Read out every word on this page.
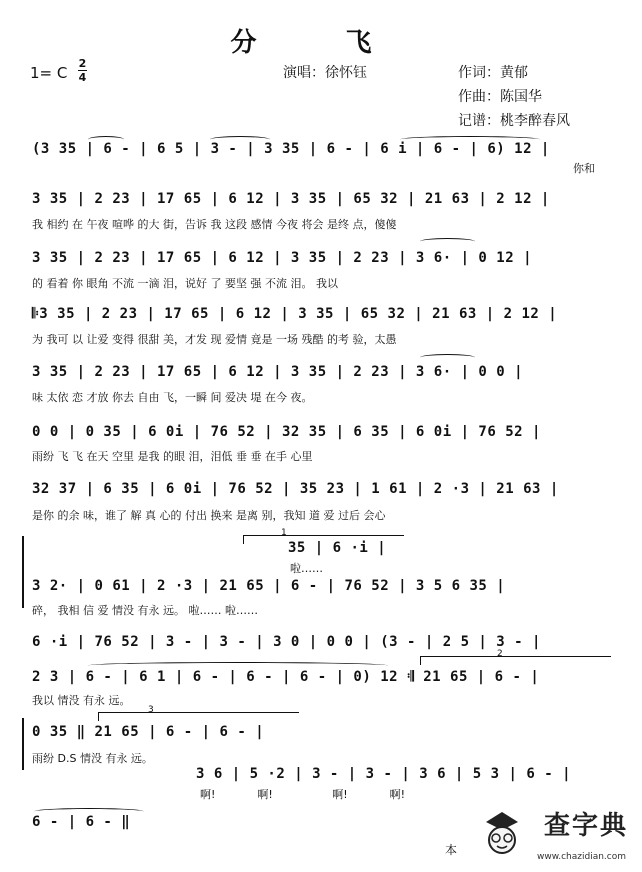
分 飞
1= C
2
4	演唱：徐怀钰	作词：黄郁
作曲：陈国华
记谱：桃李醉春风
(3 35 | 6 - | 6 5 | 3 - | 3 35 | 6 - | 6 i | 6 - | 6) 12 |
你和
3 35 | 2 23 | 17 65 | 6 12 | 3 35 | 65 32 | 21 63 | 2 12 |
我 相约 在 午夜 喧哗 的大 街，告诉 我 这段 感情 今夜 将会 是终 点，傻傻
3 35 | 2 23 | 17 65 | 6 12 | 3 35 | 2 23 | 3 6· | 0 12 |
的 看着 你 眼角 不流 一滴 泪，说好 了 要坚 强 不流 泪。 我以
𝄆3 35 | 2 23 | 17 65 | 6 12 | 3 35 | 65 32 | 21 63 | 2 12 |
为 我可 以 让爱 变得 很甜 美，才发 现 爱情 竟是 一场 残酷 的考 验，太愚
3 35 | 2 23 | 17 65 | 6 12 | 3 35 | 2 23 | 3 6· | 0 0 |
味 太依 恋 才放 你去 自由 飞，一瞬 间 爱决 堤 在今 夜。
0 0 | 0 35 | 6 0i | 76 52 | 32 35 | 6 35 | 6 0i | 76 52 |
雨纷 飞 飞 在天 空里 是我 的眼 泪，泪低 垂 垂 在手 心里
32 37 | 6 35 | 6 0i | 76 52 | 35 23 | 1 61 | 2 ·3 | 21 63 |
是你 的余 味，谁了 解 真 心的 付出 换来 是离 别，我知 道 爱 过后 会心
1
35 | 6 ·i |
啦……
3 2· | 0 61 | 2 ·3 | 21 65 | 6 - | 76 52 | 3 5 6 35 |
碎， 我相 信 爱 情没 有永 远。 啦…… 啦……
6 ·i | 76 52 | 3 - | 3 - | 3 0 | 0 0 | (3 - | 2 5 | 3 - |
2
2 3 | 6 - | 6 1 | 6 - | 6 - | 6 - | 0) 12 𝄇 21 65 | 6 - |
我以 情没 有永 远。
3
0 35 ‖ 21 65 | 6 - | 6 - |
雨纷 D.S 情没 有永 远。
3 6 | 5 ·2 | 3 - | 3 - | 3 6 | 5 3 | 6 - |
啊!            啊!                 啊!            啊!
6 - | 6 - ‖
本
查字典
www.chazidian.com
